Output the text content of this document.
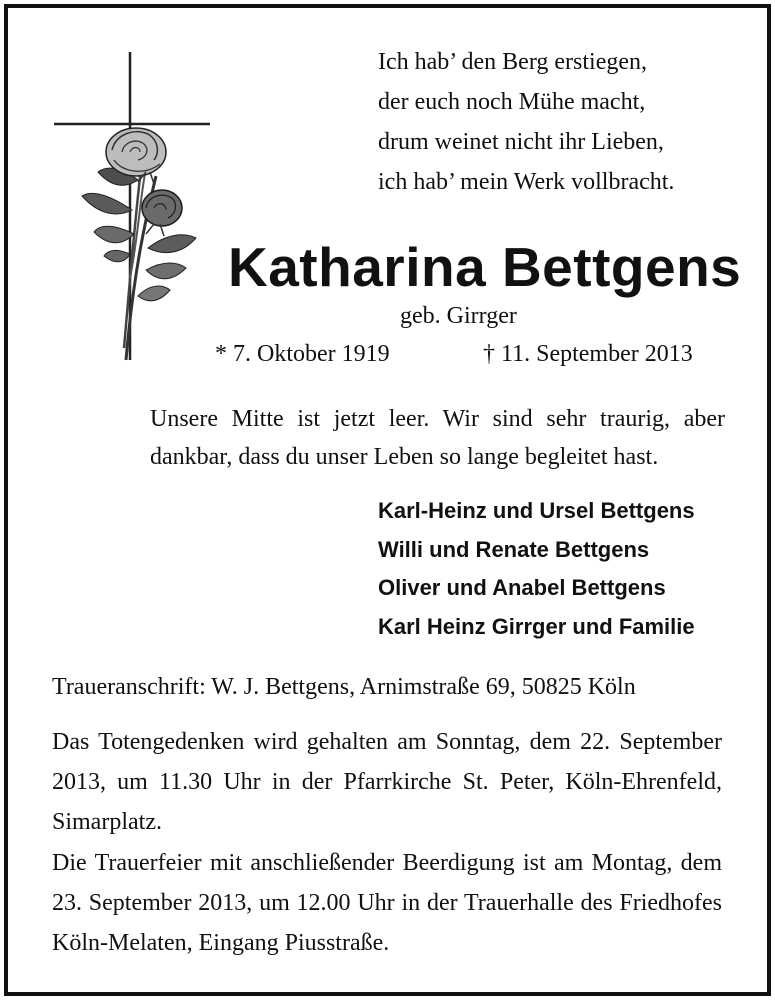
Ich hab’ den Berg erstiegen,
der euch noch Mühe macht,
drum weinet nicht ihr Lieben,
ich hab’ mein Werk vollbracht.
Katharina Bettgens
geb. Girrger
* 7. Oktober 1919	† 11. September 2013
Unsere Mitte ist jetzt leer. Wir sind sehr traurig, aber dankbar, dass du unser Leben so lange begleitet hast.
Karl-Heinz und Ursel Bettgens
Willi und Renate Bettgens
Oliver und Anabel Bettgens
Karl Heinz Girrger und Familie
Traueranschrift: W. J. Bettgens, Arnimstraße 69, 50825 Köln
Das Totengedenken wird gehalten am Sonntag, dem 22. September 2013, um 11.30 Uhr in der Pfarrkirche St. Peter, Köln-Ehrenfeld, Simarplatz.
Die Trauerfeier mit anschließender Beerdigung ist am Montag, dem 23. September 2013, um 12.00 Uhr in der Trauerhalle des Friedhofes Köln-Melaten, Eingang Piusstraße.
